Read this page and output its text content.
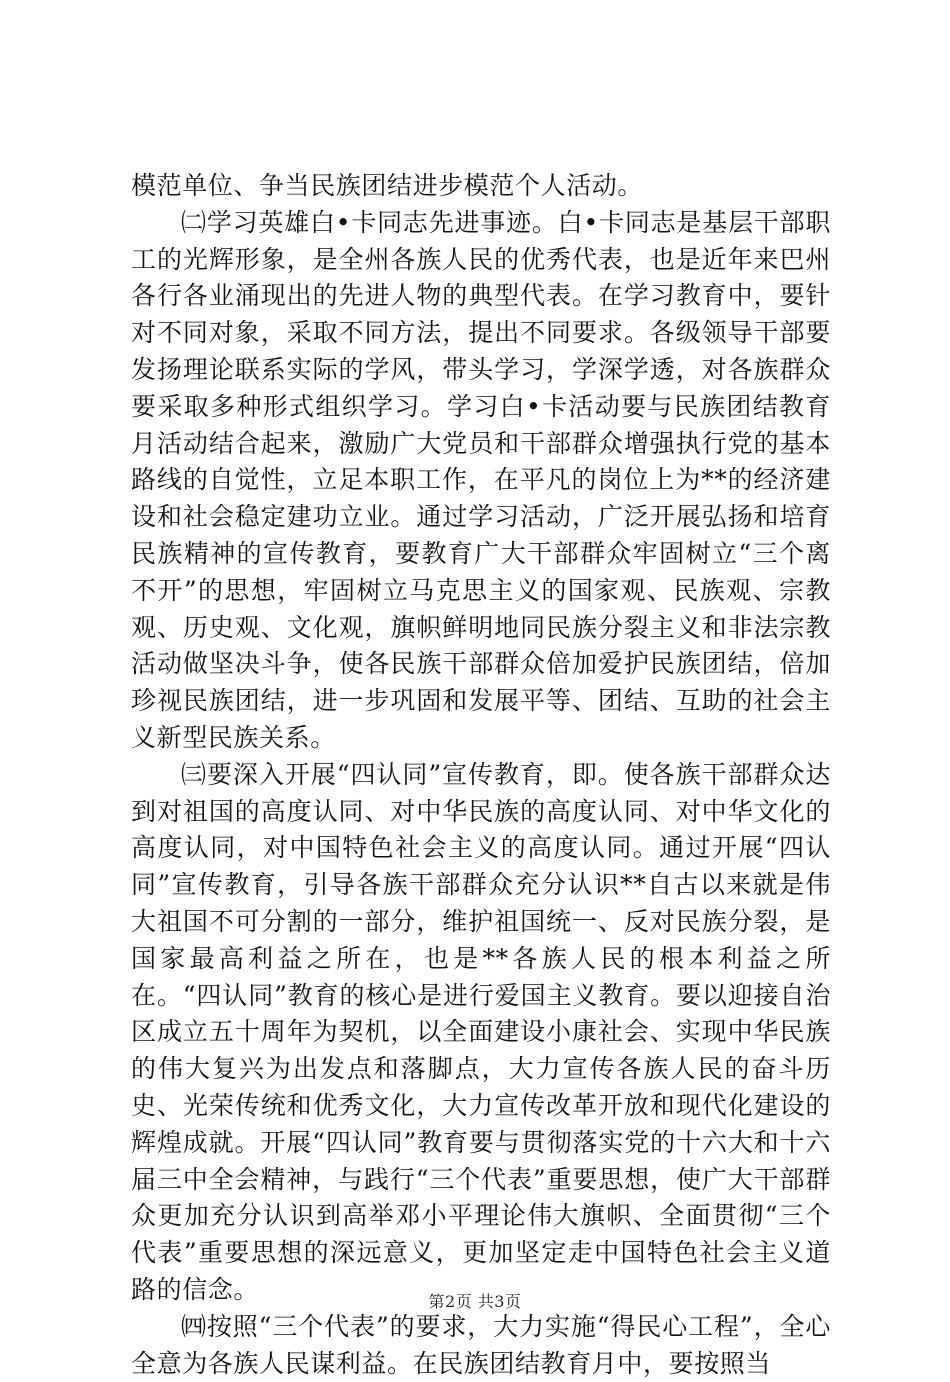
模范单位、争当民族团结进步模范个人活动。

㈡学习英雄白•卡同志先进事迹。白•卡同志是基层干部职工的光辉形象，是全州各族人民的优秀代表，也是近年来巴州各行各业涌现出的先进人物的典型代表。在学习教育中，要针对不同对象，采取不同方法，提出不同要求。各级领导干部要发扬理论联系实际的学风，带头学习，学深学透，对各族群众要采取多种形式组织学习。学习白•卡活动要与民族团结教育月活动结合起来，激励广大党员和干部群众增强执行党的基本路线的自觉性，立足本职工作，在平凡的岗位上为**的经济建设和社会稳定建功立业。通过学习活动，广泛开展弘扬和培育民族精神的宣传教育，要教育广大干部群众牢固树立“三个离不开”的思想，牢固树立马克思主义的国家观、民族观、宗教观、历史观、文化观，旗帜鲜明地同民族分裂主义和非法宗教活动做坚决斗争，使各民族干部群众倍加爱护民族团结，倍加珍视民族团结，进一步巩固和发展平等、团结、互助的社会主义新型民族关系。

㈢要深入开展“四认同”宣传教育，即。使各族干部群众达到对祖国的高度认同、对中华民族的高度认同、对中华文化的高度认同，对中国特色社会主义的高度认同。通过开展“四认同”宣传教育，引导各族干部群众充分认识**自古以来就是伟大祖国不可分割的一部分，维护祖国统一、反对民族分裂，是国家最高利益之所在，也是**各族人民的根本利益之所在。“四认同”教育的核心是进行爱国主义教育。要以迎接自治区成立五十周年为契机，以全面建设小康社会、实现中华民族的伟大复兴为出发点和落脚点，大力宣传各族人民的奋斗历史、光荣传统和优秀文化，大力宣传改革开放和现代化建设的辉煌成就。开展“四认同”教育要与贯彻落实党的十六大和十六届三中全会精神，与践行“三个代表”重要思想，使广大干部群众更加充分认识到高举邓小平理论伟大旗帜、全面贯彻“三个代表”重要思想的深远意义，更加坚定走中国特色社会主义道路的信念。

㈣按照“三个代表”的要求，大力实施“得民心工程”，全心全意为各族人民谋利益。在民族团结教育月中，要按照当

第2页 共3页
